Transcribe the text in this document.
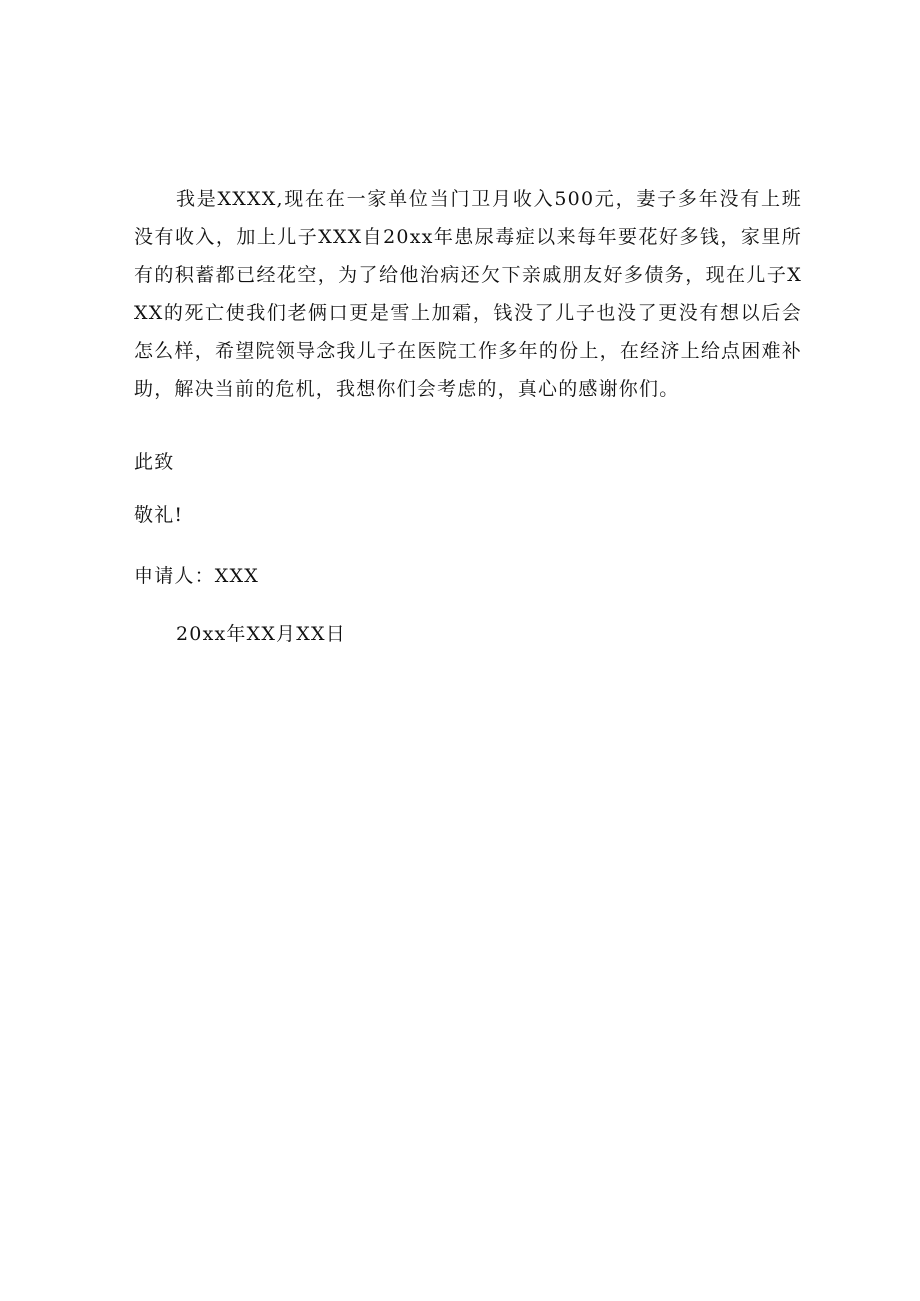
我是XXXX,现在在一家单位当门卫月收入500元，妻子多年没有上班没有收入，加上儿子XXX自20xx年患尿毒症以来每年要花好多钱，家里所有的积蓄都已经花空，为了给他治病还欠下亲戚朋友好多债务，现在儿子XXX的死亡使我们老俩口更是雪上加霜，钱没了儿子也没了更没有想以后会怎么样，希望院领导念我儿子在医院工作多年的份上，在经济上给点困难补助，解决当前的危机，我想你们会考虑的，真心的感谢你们。

此致

敬礼!

申请人：XXX

20xx年XX月XX日
